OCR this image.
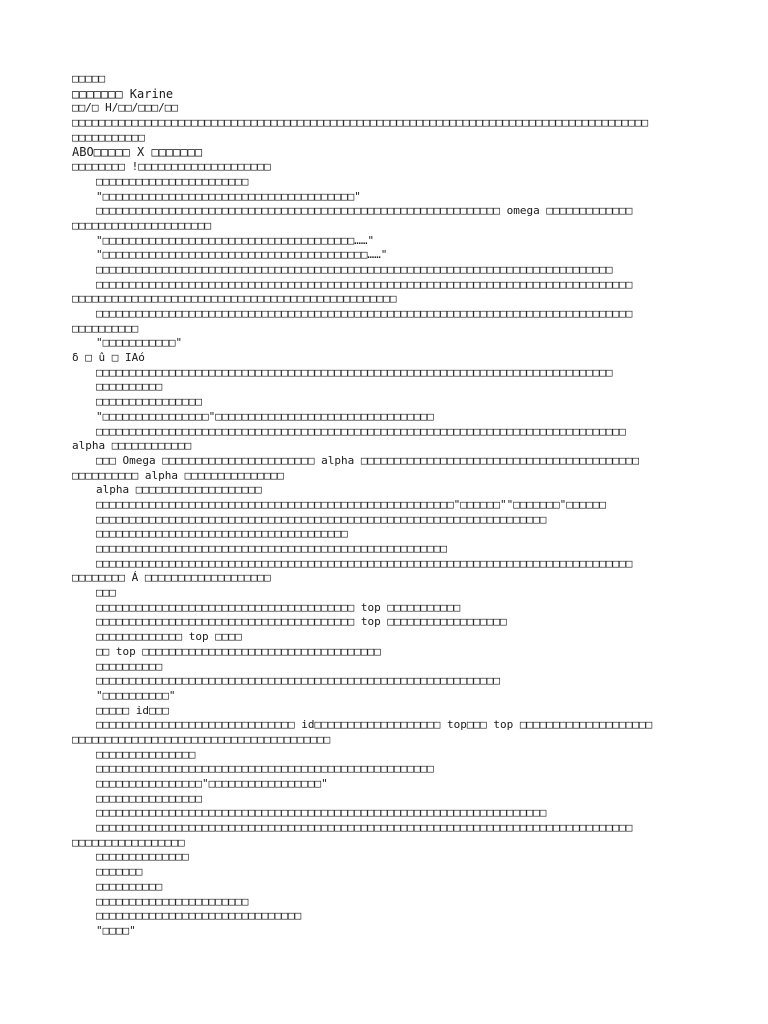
□□□□□
□□□□□□□ Karine
□□/□ H/□□/□□□/□□
□□□□□□□□□□□□□□□□□□□□□□□□□□□□□□□□□□□□□□□□□□□□□□□□□□□□□□□□□□□□□□□□□□□□□□□□□□□□□□□□□□□□□□□
□□□□□□□□□□□
ABO□□□□□ X □□□□□□□
□□□□□□□□ !□□□□□□□□□□□□□□□□□□□□
□□□□□□□□□□□□□□□□□□□□□□□
"□□□□□□□□□□□□□□□□□□□□□□□□□□□□□□□□□□□□□□"
□□□□□□□□□□□□□□□□□□□□□□□□□□□□□□□□□□□□□□□□□□□□□□□□□□□□□□□□□□□□□ omega □□□□□□□□□□□□□
□□□□□□□□□□□□□□□□□□□□□
"□□□□□□□□□□□□□□□□□□□□□□□□□□□□□□□□□□□□□□……"
"□□□□□□□□□□□□□□□□□□□□□□□□□□□□□□□□□□□□□□□□……"
□□□□□□□□□□□□□□□□□□□□□□□□□□□□□□□□□□□□□□□□□□□□□□□□□□□□□□□□□□□□□□□□□□□□□□□□□□□□□□
□□□□□□□□□□□□□□□□□□□□□□□□□□□□□□□□□□□□□□□□□□□□□□□□□□□□□□□□□□□□□□□□□□□□□□□□□□□□□□□□□
□□□□□□□□□□□□□□□□□□□□□□□□□□□□□□□□□□□□□□□□□□□□□□□□□
□□□□□□□□□□□□□□□□□□□□□□□□□□□□□□□□□□□□□□□□□□□□□□□□□□□□□□□□□□□□□□□□□□□□□□□□□□□□□□□□□
□□□□□□□□□□
"□□□□□□□□□□□"
δ □ û □ IAó
□□□□□□□□□□□□□□□□□□□□□□□□□□□□□□□□□□□□□□□□□□□□□□□□□□□□□□□□□□□□□□□□□□□□□□□□□□□□□□
□□□□□□□□□□
□□□□□□□□□□□□□□□□
"□□□□□□□□□□□□□□□□"□□□□□□□□□□□□□□□□□□□□□□□□□□□□□□□□□
□□□□□□□□□□□□□□□□□□□□□□□□□□□□□□□□□□□□□□□□□□□□□□□□□□□□□□□□□□□□□□□□□□□□□□□□□□□□□□□□
alpha □□□□□□□□□□□□
□□□ Omega □□□□□□□□□□□□□□□□□□□□□□□ alpha □□□□□□□□□□□□□□□□□□□□□□□□□□□□□□□□□□□□□□□□□□
□□□□□□□□□□ alpha □□□□□□□□□□□□□□□
alpha □□□□□□□□□□□□□□□□□□□
□□□□□□□□□□□□□□□□□□□□□□□□□□□□□□□□□□□□□□□□□□□□□□□□□□□□□□"□□□□□□""□□□□□□□"□□□□□□
□□□□□□□□□□□□□□□□□□□□□□□□□□□□□□□□□□□□□□□□□□□□□□□□□□□□□□□□□□□□□□□□□□□□
□□□□□□□□□□□□□□□□□□□□□□□□□□□□□□□□□□□□□□
□□□□□□□□□□□□□□□□□□□□□□□□□□□□□□□□□□□□□□□□□□□□□□□□□□□□□
□□□□□□□□□□□□□□□□□□□□□□□□□□□□□□□□□□□□□□□□□□□□□□□□□□□□□□□□□□□□□□□□□□□□□□□□□□□□□□□□□
□□□□□□□□ Á □□□□□□□□□□□□□□□□□□□
□□□
□□□□□□□□□□□□□□□□□□□□□□□□□□□□□□□□□□□□□□□ top □□□□□□□□□□□
□□□□□□□□□□□□□□□□□□□□□□□□□□□□□□□□□□□□□□□ top □□□□□□□□□□□□□□□□□□
□□□□□□□□□□□□□ top □□□□
□□ top □□□□□□□□□□□□□□□□□□□□□□□□□□□□□□□□□□□□
□□□□□□□□□□
□□□□□□□□□□□□□□□□□□□□□□□□□□□□□□□□□□□□□□□□□□□□□□□□□□□□□□□□□□□□□
"□□□□□□□□□□"
□□□□□ id□□□
□□□□□□□□□□□□□□□□□□□□□□□□□□□□□□ id□□□□□□□□□□□□□□□□□□□ top□□□ top □□□□□□□□□□□□□□□□□□□□
□□□□□□□□□□□□□□□□□□□□□□□□□□□□□□□□□□□□□□□
□□□□□□□□□□□□□□□
□□□□□□□□□□□□□□□□□□□□□□□□□□□□□□□□□□□□□□□□□□□□□□□□□□□
□□□□□□□□□□□□□□□□"□□□□□□□□□□□□□□□□□"
□□□□□□□□□□□□□□□□
□□□□□□□□□□□□□□□□□□□□□□□□□□□□□□□□□□□□□□□□□□□□□□□□□□□□□□□□□□□□□□□□□□□□
□□□□□□□□□□□□□□□□□□□□□□□□□□□□□□□□□□□□□□□□□□□□□□□□□□□□□□□□□□□□□□□□□□□□□□□□□□□□□□□□□
□□□□□□□□□□□□□□□□□
□□□□□□□□□□□□□□
□□□□□□□
□□□□□□□□□□
□□□□□□□□□□□□□□□□□□□□□□□
□□□□□□□□□□□□□□□□□□□□□□□□□□□□□□□
"□□□□"
